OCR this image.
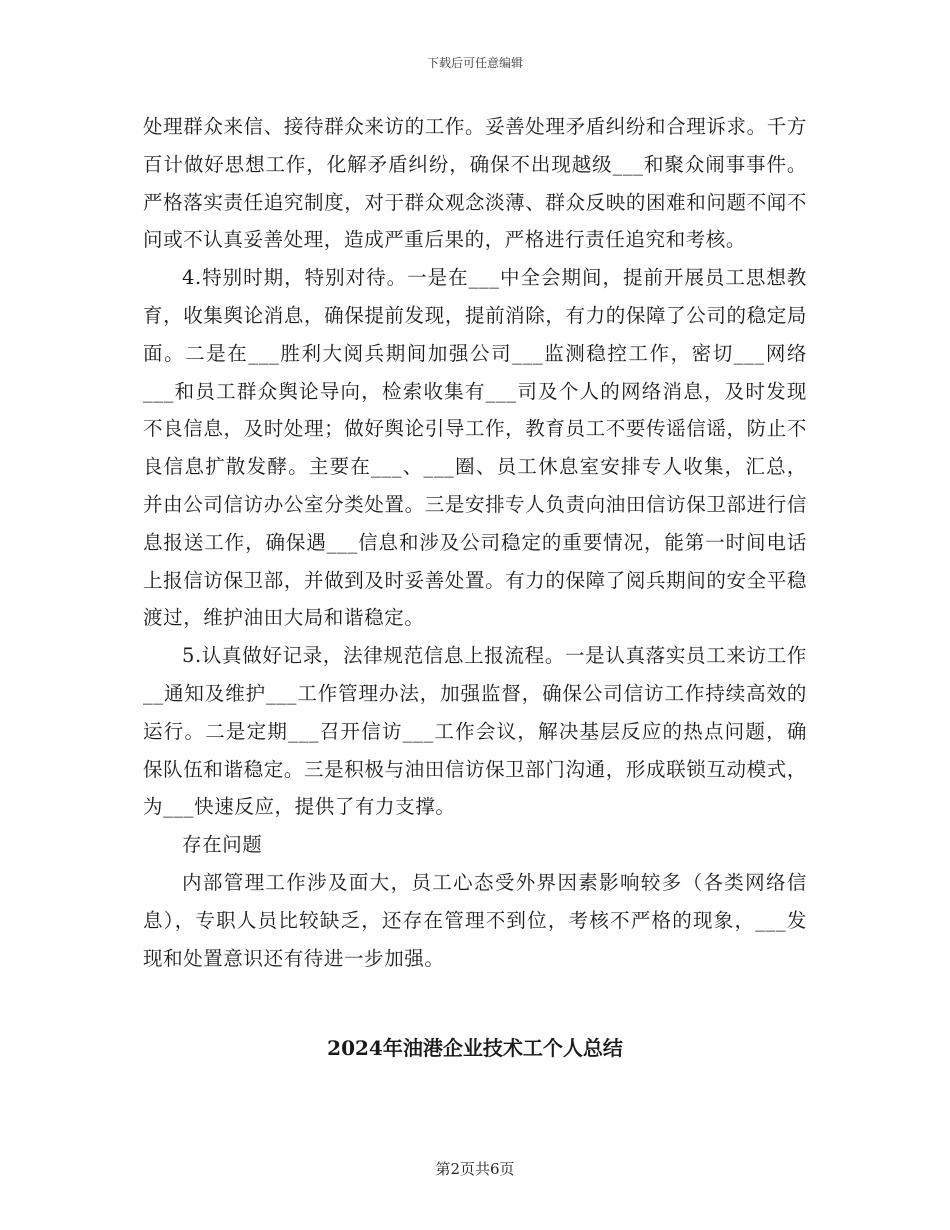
下载后可任意编辑

处理群众来信、接待群众来访的工作。妥善处理矛盾纠纷和合理诉求。千方百计做好思想工作，化解矛盾纠纷，确保不出现越级___和聚众闹事事件。严格落实责任追究制度，对于群众观念淡薄、群众反映的困难和问题不闻不问或不认真妥善处理，造成严重后果的，严格进行责任追究和考核。

4.特别时期，特别对待。一是在___中全会期间，提前开展员工思想教育，收集舆论消息，确保提前发现，提前消除，有力的保障了公司的稳定局面。二是在___胜利大阅兵期间加强公司___监测稳控工作，密切___网络___和员工群众舆论导向，检索收集有___司及个人的网络消息，及时发现不良信息，及时处理；做好舆论引导工作，教育员工不要传谣信谣，防止不良信息扩散发酵。主要在___、___圈、员工休息室安排专人收集，汇总，并由公司信访办公室分类处置。三是安排专人负责向油田信访保卫部进行信息报送工作，确保遇___信息和涉及公司稳定的重要情况，能第一时间电话上报信访保卫部，并做到及时妥善处置。有力的保障了阅兵期间的安全平稳渡过，维护油田大局和谐稳定。

5.认真做好记录，法律规范信息上报流程。一是认真落实员工来访工作__通知及维护___工作管理办法，加强监督，确保公司信访工作持续高效的运行。二是定期___召开信访___工作会议，解决基层反应的热点问题，确保队伍和谐稳定。三是积极与油田信访保卫部门沟通，形成联锁互动模式，为___快速反应，提供了有力支撑。

存在问题

内部管理工作涉及面大，员工心态受外界因素影响较多（各类网络信息），专职人员比较缺乏，还存在管理不到位，考核不严格的现象，___发现和处置意识还有待进一步加强。

2024年油港企业技术工个人总结
第2页共6页
